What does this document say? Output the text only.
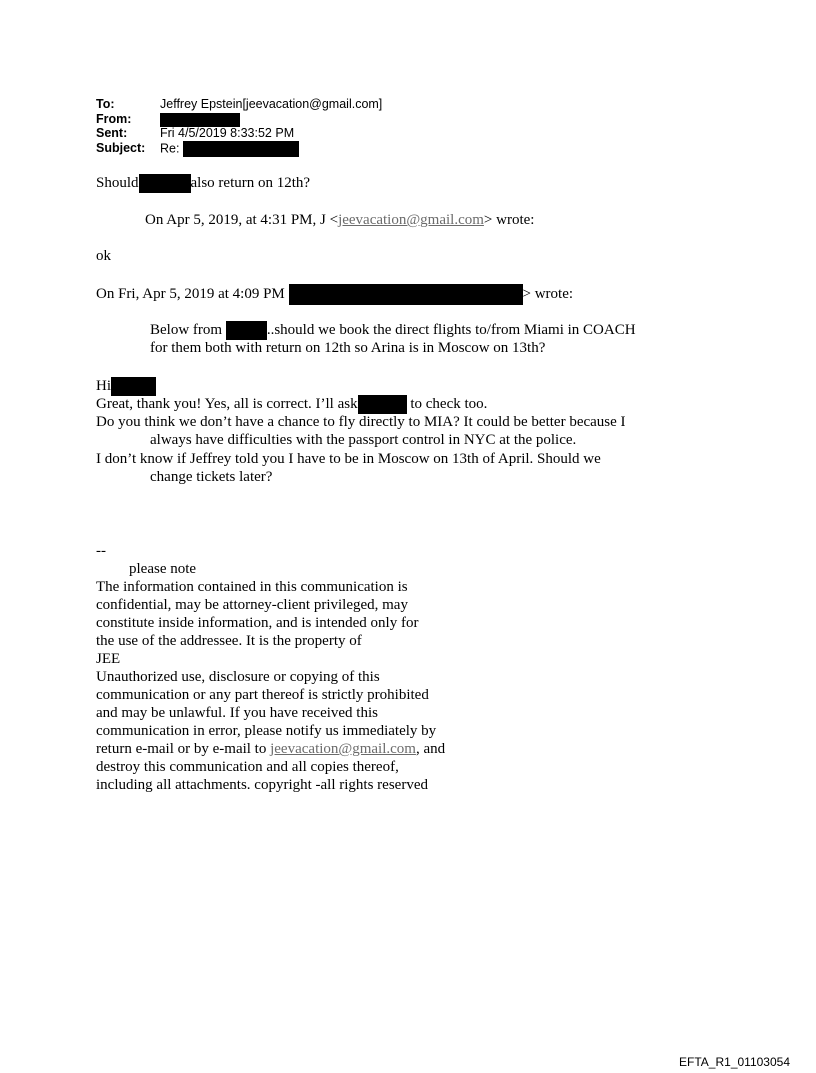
To:	Jeffrey Epstein[jeevacation@gmail.com]
From:
Sent:	Fri 4/5/2019 8:33:52 PM
Subject: Re:
Should	also return on 12th?
On Apr 5, 2019, at 4:31 PM, J <jeevacation@gmail.com> wrote:
ok
On Fri, Apr 5, 2019 at 4:09 PM	> wrote:
Below from	..should we book the direct flights to/from Miami in COACH
for them both with return on 12th so Arina is in Moscow on 13th?
Hi
Great, thank you! Yes, all is correct. I’ll ask	to check too.
Do you think we don’t have a chance to fly directly to MIA? It could be better because I
always have difficulties with the passport control in NYC at the police.
I don’t know if Jeffrey told you I have to be in Moscow on 13th of April. Should we
change tickets later?
--
please note
The information contained in this communication is
confidential, may be attorney-client privileged, may
constitute inside information, and is intended only for
the use of the addressee. It is the property of
JEE
Unauthorized use, disclosure or copying of this
communication or any part thereof is strictly prohibited
and may be unlawful. If you have received this
communication in error, please notify us immediately by
return e-mail or by e-mail to jeevacation@gmail.com, and
destroy this communication and all copies thereof,
including all attachments. copyright -all rights reserved
EFTA_R1_01103054
